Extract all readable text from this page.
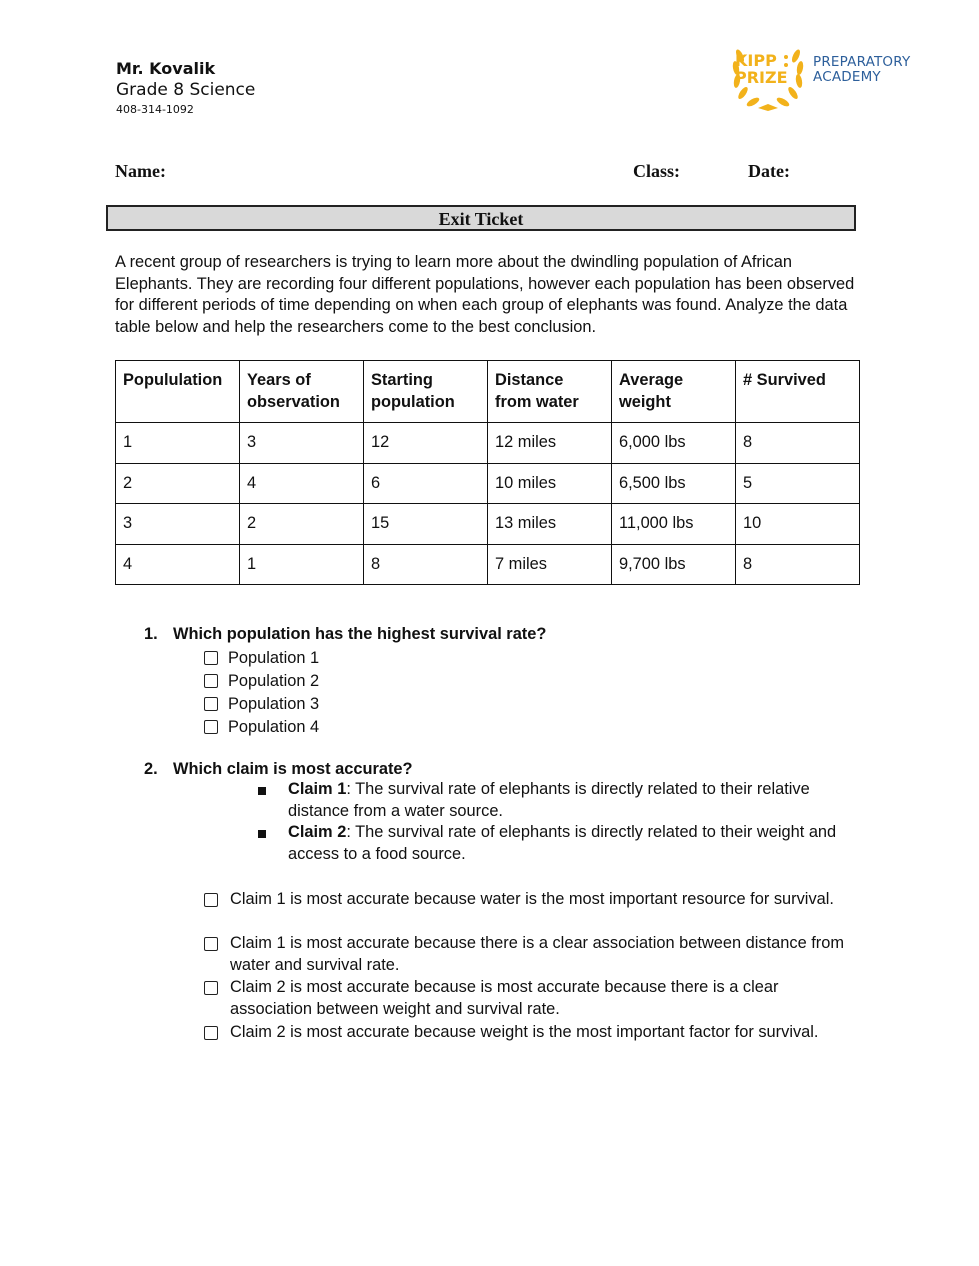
Mr. Kovalik
Grade 8 Science
408-314-1092
KIPP
PRIZE
PREPARATORY
ACADEMY
Name:	Class:	Date:
Exit Ticket
A recent group of researchers is trying to learn more about the dwindling population of African Elephants. They are recording four different populations, however each population has been observed for different periods of time depending on when each group of elephants was found. Analyze the data table below and help the researchers come to the best conclusion.
Popululation	Years of observation	Starting population	Distance from water	Average weight	# Survived
1	3	12	12 miles	6,000 lbs	8
2	4	6	10 miles	6,500 lbs	5
3	2	15	13 miles	11,000 lbs	10
4	1	8	7 miles	9,700 lbs	8
1. Which population has the highest survival rate?
Population 1
Population 2
Population 3
Population 4
2. Which claim is most accurate?
Claim 1: The survival rate of elephants is directly related to their relative distance from a water source.
Claim 2: The survival rate of elephants is directly related to their weight and access to a food source.
Claim 1 is most accurate because water is the most important resource for survival.
Claim 1 is most accurate because there is a clear association between distance from water and survival rate.
Claim 2 is most accurate because is most accurate because there is a clear association between weight and survival rate.
Claim 2 is most accurate because weight is the most important factor for survival.
